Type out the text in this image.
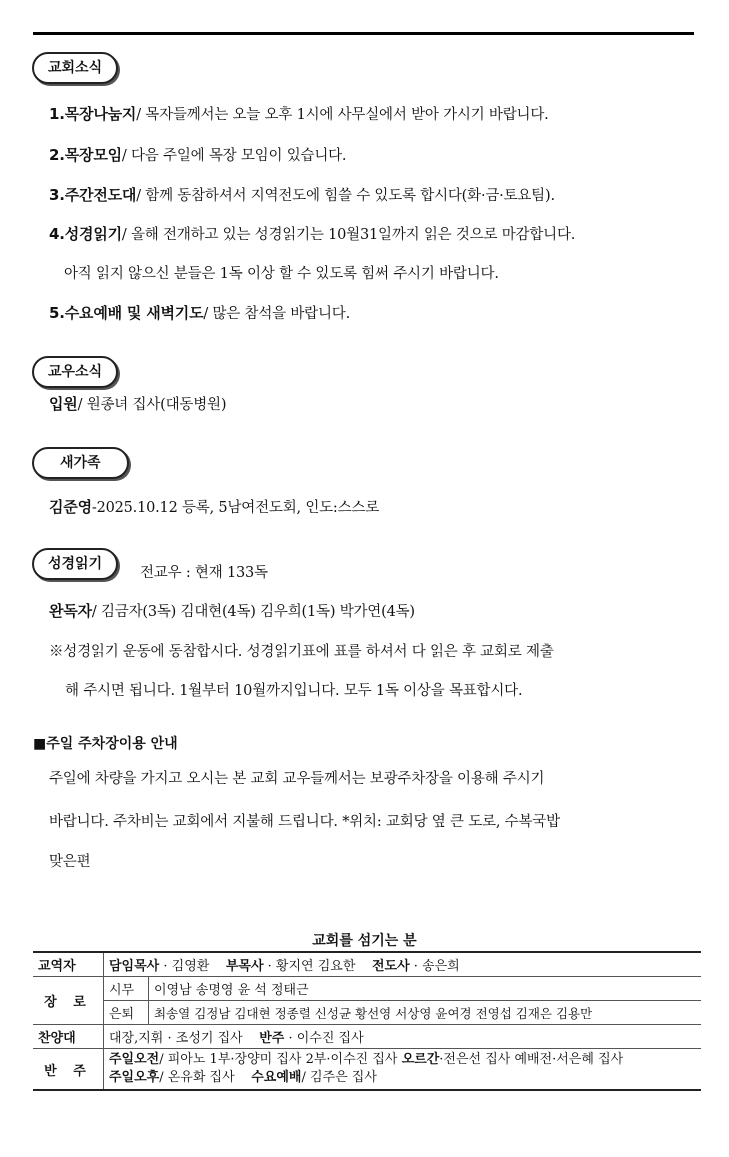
교회소식
1.목장나눔지/ 목자들께서는 오늘 오후 1시에 사무실에서 받아 가시기 바랍니다.
2.목장모임/ 다음 주일에 목장 모임이 있습니다.
3.주간전도대/ 함께 동참하셔서 지역전도에 힘쓸 수 있도록 합시다(화·금·토요팀).
4.성경읽기/ 올해 전개하고 있는 성경읽기는 10월31일까지 읽은 것으로 마감합니다.
아직 읽지 않으신 분들은 1독 이상 할 수 있도록 힘써 주시기 바랍니다.
5.수요예배 및 새벽기도/ 많은 참석을 바랍니다.
교우소식
입원/ 원종녀 집사(대동병원)
새가족
김준영-2025.10.12 등록, 5남여전도회, 인도:스스로
성경읽기
전교우 : 현재 133독
완독자/ 김금자(3독) 김대현(4독) 김우희(1독) 박가연(4독)
※성경읽기 운동에 동참합시다. 성경읽기표에 표를 하셔서 다 읽은 후 교회로 제출
해 주시면 됩니다. 1월부터 10월까지입니다. 모두 1독 이상을 목표합시다.
■주일 주차장이용 안내
주일에 차량을 가지고 오시는 본 교회 교우들께서는 보광주차장을 이용해 주시기
바랍니다. 주차비는 교회에서 지불해 드립니다. *위치: 교회당 옆 큰 도로, 수복국밥
맞은편
교회를 섬기는 분
교역자	담임목사 · 김영환 부목사 · 황지연 김요한 전도사 · 송은희	
장 로	시무	이영남 송명영 윤 석 정태근
	은퇴	최송열 김정남 김대현 정종렬 신성균 황선영 서상영 윤여경 전영섭 김재은 김용만
찬양대	대장,지휘 · 조성기 집사 반주 · 이수진 집사	
반 주	주일오전/ 피아노 1부·장양미 집사 2부·이수진 집사 오르간·전은선 집사 예배전·서은혜 집사
주일오후/ 온유화 집사    수요예배/ 김주은 집사	
